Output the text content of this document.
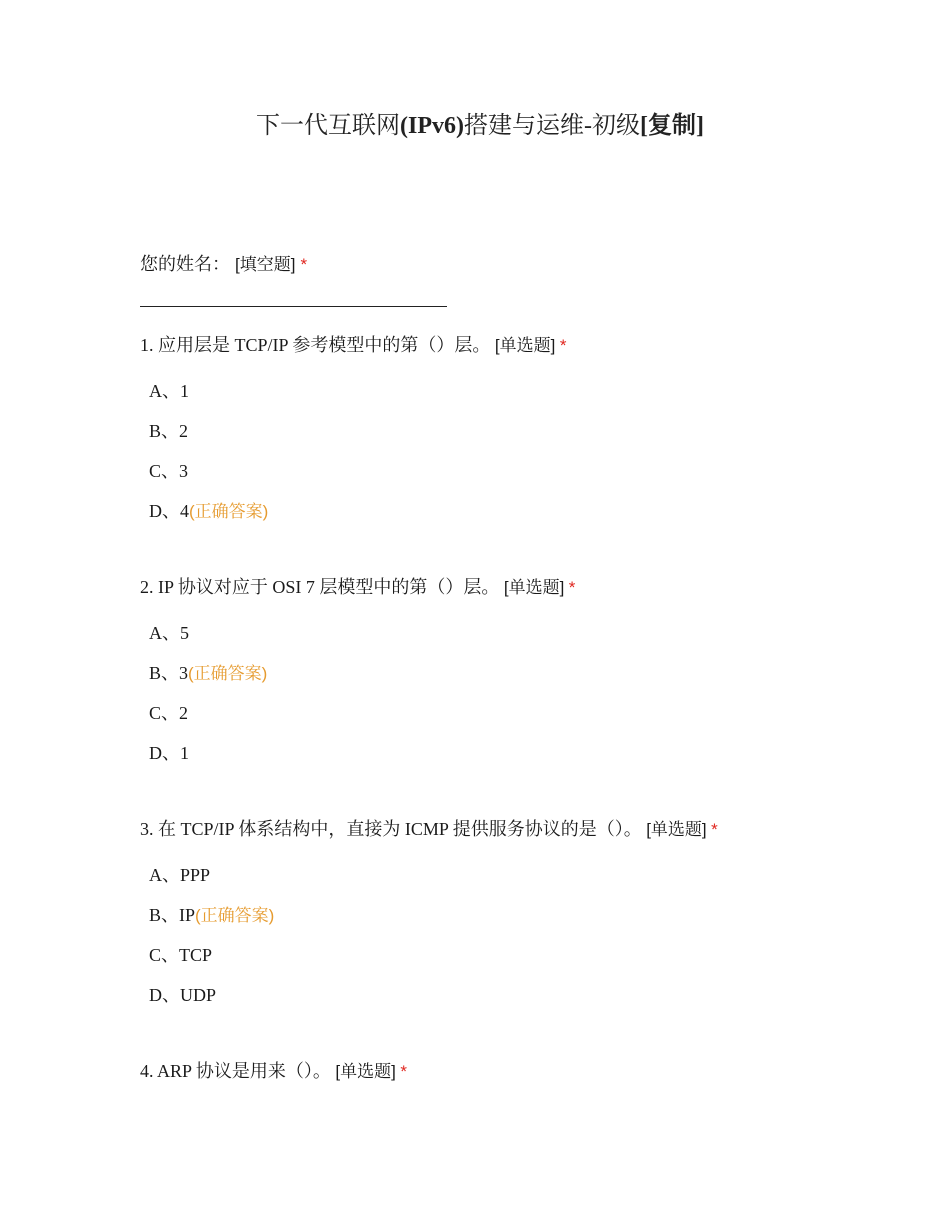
下一代互联网(IPv6)搭建与运维-初级[复制]
您的姓名： [填空题] *
1. 应用层是 TCP/IP 参考模型中的第（）层。 [单选题] *
A、1
B、2
C、3
D、4(正确答案)
2. IP 协议对应于 OSI 7 层模型中的第（）层。 [单选题] *
A、5
B、3(正确答案)
C、2
D、1
3. 在 TCP/IP 体系结构中，直接为 ICMP 提供服务协议的是（）。 [单选题] *
A、PPP
B、IP(正确答案)
C、TCP
D、UDP
4. ARP 协议是用来（）。 [单选题] *
